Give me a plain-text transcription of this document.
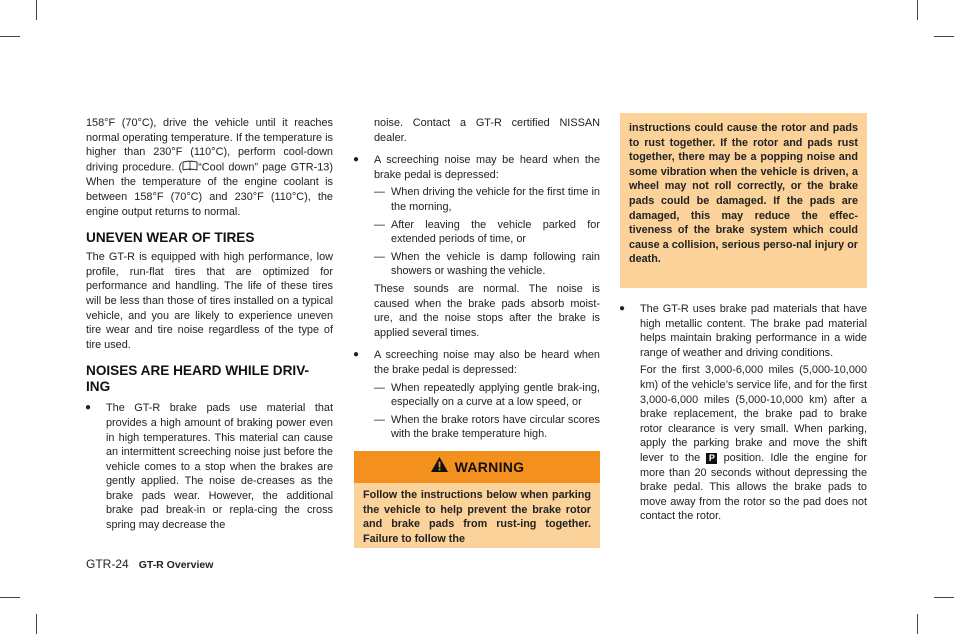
158°F (70°C), drive the vehicle until it reaches normal operating temperature. If the temperature is higher than 230°F (110°C), perform cool-down driving procedure. ( “Cool down” page GTR-13) When the temperature of the engine coolant is between 158°F (70°C) and 230°F (110°C), the engine output returns to normal.

UNEVEN WEAR OF TIRES

The GT-R is equipped with high performance, low profile, run-flat tires that are optimized for performance and handling. The life of these tires will be less than those of tires installed on a typical vehicle, and you are likely to experience uneven tire wear and tire noise regardless of the type of tire used.

NOISES ARE HEARD WHILE DRIV-ING
● The GT-R brake pads use material that provides a high amount of braking power even in high temperatures. This material can cause an intermittent screeching noise just before the vehicle comes to a stop when the brakes are gently applied. The noise de-creases as the brake pads wear. However, the additional brake pad break-in or repla-cing the cross spring may decrease the

noise. Contact a GT-R certified NISSAN dealer.

● A screeching noise may be heard when the brake pedal is depressed:
— When driving the vehicle for the first time in the morning,
— After leaving the vehicle parked for extended periods of time, or
— When the vehicle is damp following rain showers or washing the vehicle.

These sounds are normal. The noise is caused when the brake pads absorb moist-ure, and the noise stops after the brake is applied several times.

● A screeching noise may also be heard when the brake pedal is depressed:
— When repeatedly applying gentle brak-ing, especially on a curve at a low speed, or
— When the brake rotors have circular scores with the brake temperature high.
WARNING
Follow the instructions below when parking the vehicle to help prevent the brake rotor and brake pads from rust-ing together. Failure to follow the
instructions could cause the rotor and pads to rust together. If the rotor and pads rust together, there may be a popping noise and some vibration when the vehicle is driven, a wheel may not roll correctly, or the brake pads could be damaged. If the pads are damaged, this may reduce the effec-tiveness of the brake system which could cause a collision, serious perso-nal injury or death.
● The GT-R uses brake pad materials that have high metallic content. The brake pad material helps maintain braking performance in a wide range of weather and driving conditions.

For the first 3,000-6,000 miles (5,000-10,000 km) of the vehicle’s service life, and for the first 3,000-6,000 miles (5,000-10,000 km) after a brake replacement, the brake pad to brake rotor clearance is very small. When parking, apply the parking brake and move the shift lever to the P position. Idle the engine for more than 20 seconds without depressing the brake pedal. This allows the brake pads to move away from the rotor so the pad does not contact the rotor.

GTR-24 GT-R Overview
